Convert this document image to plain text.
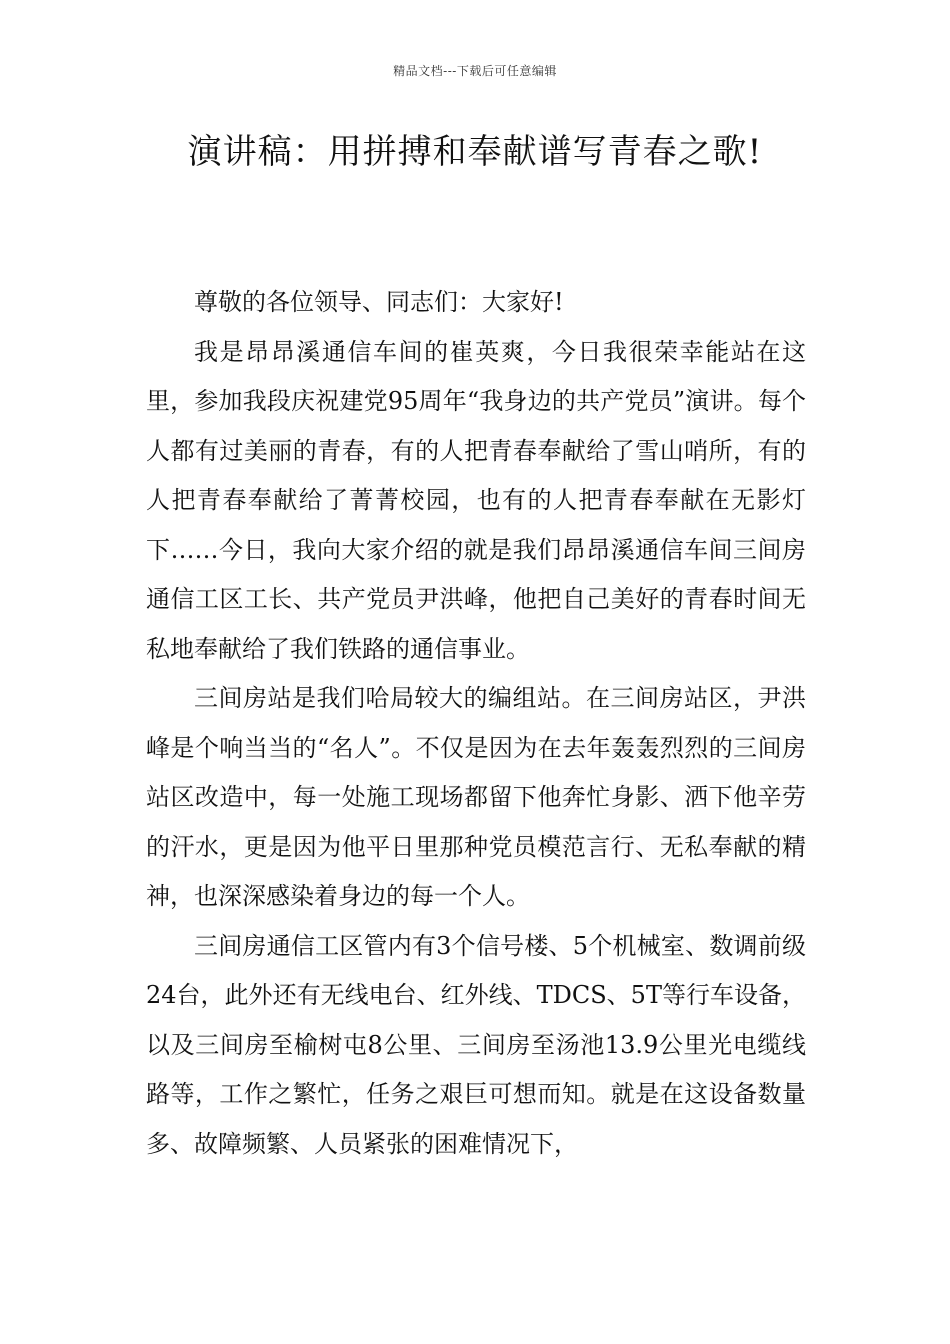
精品文档---下载后可任意编辑
演讲稿：用拼搏和奉献谱写青春之歌!

尊敬的各位领导、同志们：大家好!

我是昂昂溪通信车间的崔英爽，今日我很荣幸能站在这里，参加我段庆祝建党95周年“我身边的共产党员”演讲。每个人都有过美丽的青春，有的人把青春奉献给了雪山哨所，有的人把青春奉献给了菁菁校园，也有的人把青春奉献在无影灯下……今日，我向大家介绍的就是我们昂昂溪通信车间三间房通信工区工长、共产党员尹洪峰，他把自己美好的青春时间无私地奉献给了我们铁路的通信事业。

三间房站是我们哈局较大的编组站。在三间房站区，尹洪峰是个响当当的“名人”。不仅是因为在去年轰轰烈烈的三间房站区改造中，每一处施工现场都留下他奔忙身影、洒下他辛劳的汗水，更是因为他平日里那种党员模范言行、无私奉献的精神，也深深感染着身边的每一个人。

三间房通信工区管内有3个信号楼、5个机械室、数调前级24台，此外还有无线电台、红外线、TDCS、5T等行车设备，以及三间房至榆树屯8公里、三间房至汤池13.9公里光电缆线路等，工作之繁忙，任务之艰巨可想而知。就是在这设备数量多、故障频繁、人员紧张的困难情况下，
